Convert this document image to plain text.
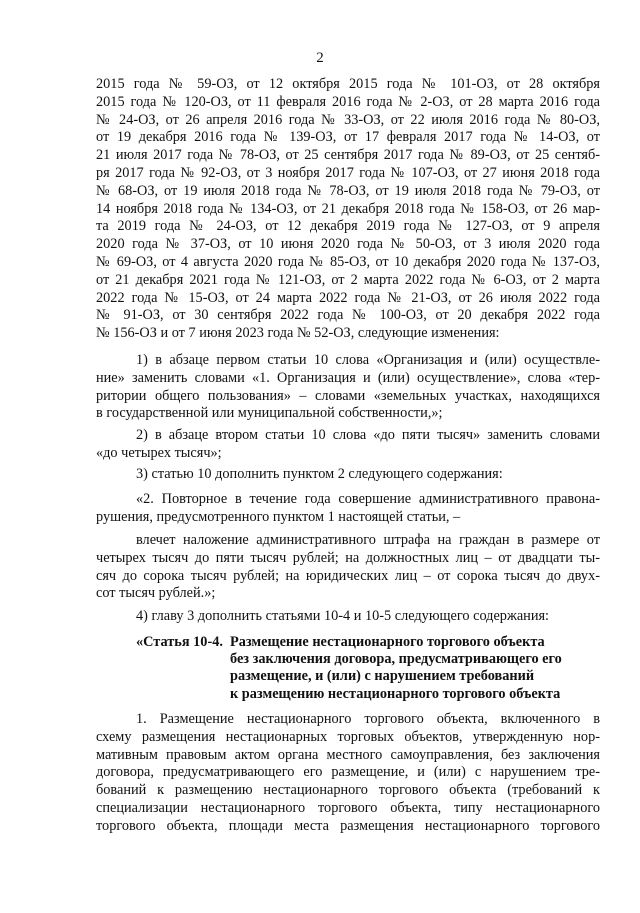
2
2015 года № 59-ОЗ, от 12 октября 2015 года № 101-ОЗ, от 28 октября
2015 года № 120-ОЗ, от 11 февраля 2016 года № 2-ОЗ, от 28 марта 2016 года
№ 24-ОЗ, от 26 апреля 2016 года № 33-ОЗ, от 22 июля 2016 года № 80-ОЗ,
от 19 декабря 2016 года № 139-ОЗ, от 17 февраля 2017 года № 14-ОЗ, от
21 июля 2017 года № 78-ОЗ, от 25 сентября 2017 года № 89-ОЗ, от 25 сентяб-
ря 2017 года № 92-ОЗ, от 3 ноября 2017 года № 107-ОЗ, от 27 июня 2018 года
№ 68-ОЗ, от 19 июля 2018 года № 78-ОЗ, от 19 июля 2018 года № 79-ОЗ, от
14 ноября 2018 года № 134-ОЗ, от 21 декабря 2018 года № 158-ОЗ, от 26 мар-
та 2019 года № 24-ОЗ, от 12 декабря 2019 года № 127-ОЗ, от 9 апреля
2020 года № 37-ОЗ, от 10 июня 2020 года № 50-ОЗ, от 3 июля 2020 года
№ 69-ОЗ, от 4 августа 2020 года № 85-ОЗ, от 10 декабря 2020 года № 137-ОЗ,
от 21 декабря 2021 года № 121-ОЗ, от 2 марта 2022 года № 6-ОЗ, от 2 марта
2022 года № 15-ОЗ, от 24 марта 2022 года № 21-ОЗ, от 26 июля 2022 года
№ 91-ОЗ, от 30 сентября 2022 года № 100-ОЗ, от 20 декабря 2022 года
№ 156-ОЗ и от 7 июня 2023 года № 52-ОЗ, следующие изменения:
1) в абзаце первом статьи 10 слова «Организация и (или) осуществле-
ние» заменить словами «1. Организация и (или) осуществление», слова «тер-
ритории общего пользования» – словами «земельных участках, находящихся
в государственной или муниципальной собственности,»;
2) в абзаце втором статьи 10 слова «до пяти тысяч» заменить словами
«до четырех тысяч»;
3) статью 10 дополнить пунктом 2 следующего содержания:
«2. Повторное в течение года совершение административного правона-
рушения, предусмотренного пунктом 1 настоящей статьи, –
влечет наложение административного штрафа на граждан в размере от
четырех тысяч до пяти тысяч рублей; на должностных лиц – от двадцати ты-
сяч до сорока тысяч рублей; на юридических лиц – от сорока тысяч до двух-
сот тысяч рублей.»;
4) главу 3 дополнить статьями 10-4 и 10-5 следующего содержания:
«Статья 10-4. Размещение нестационарного торгового объекта
без заключения договора, предусматривающего его
размещение, и (или) с нарушением требований
к размещению нестационарного торгового объекта
1. Размещение нестационарного торгового объекта, включенного в
схему размещения нестационарных торговых объектов, утвержденную нор-
мативным правовым актом органа местного самоуправления, без заключения
договора, предусматривающего его размещение, и (или) с нарушением тре-
бований к размещению нестационарного торгового объекта (требований к
специализации нестационарного торгового объекта, типу нестационарного
торгового объекта, площади места размещения нестационарного торгового
